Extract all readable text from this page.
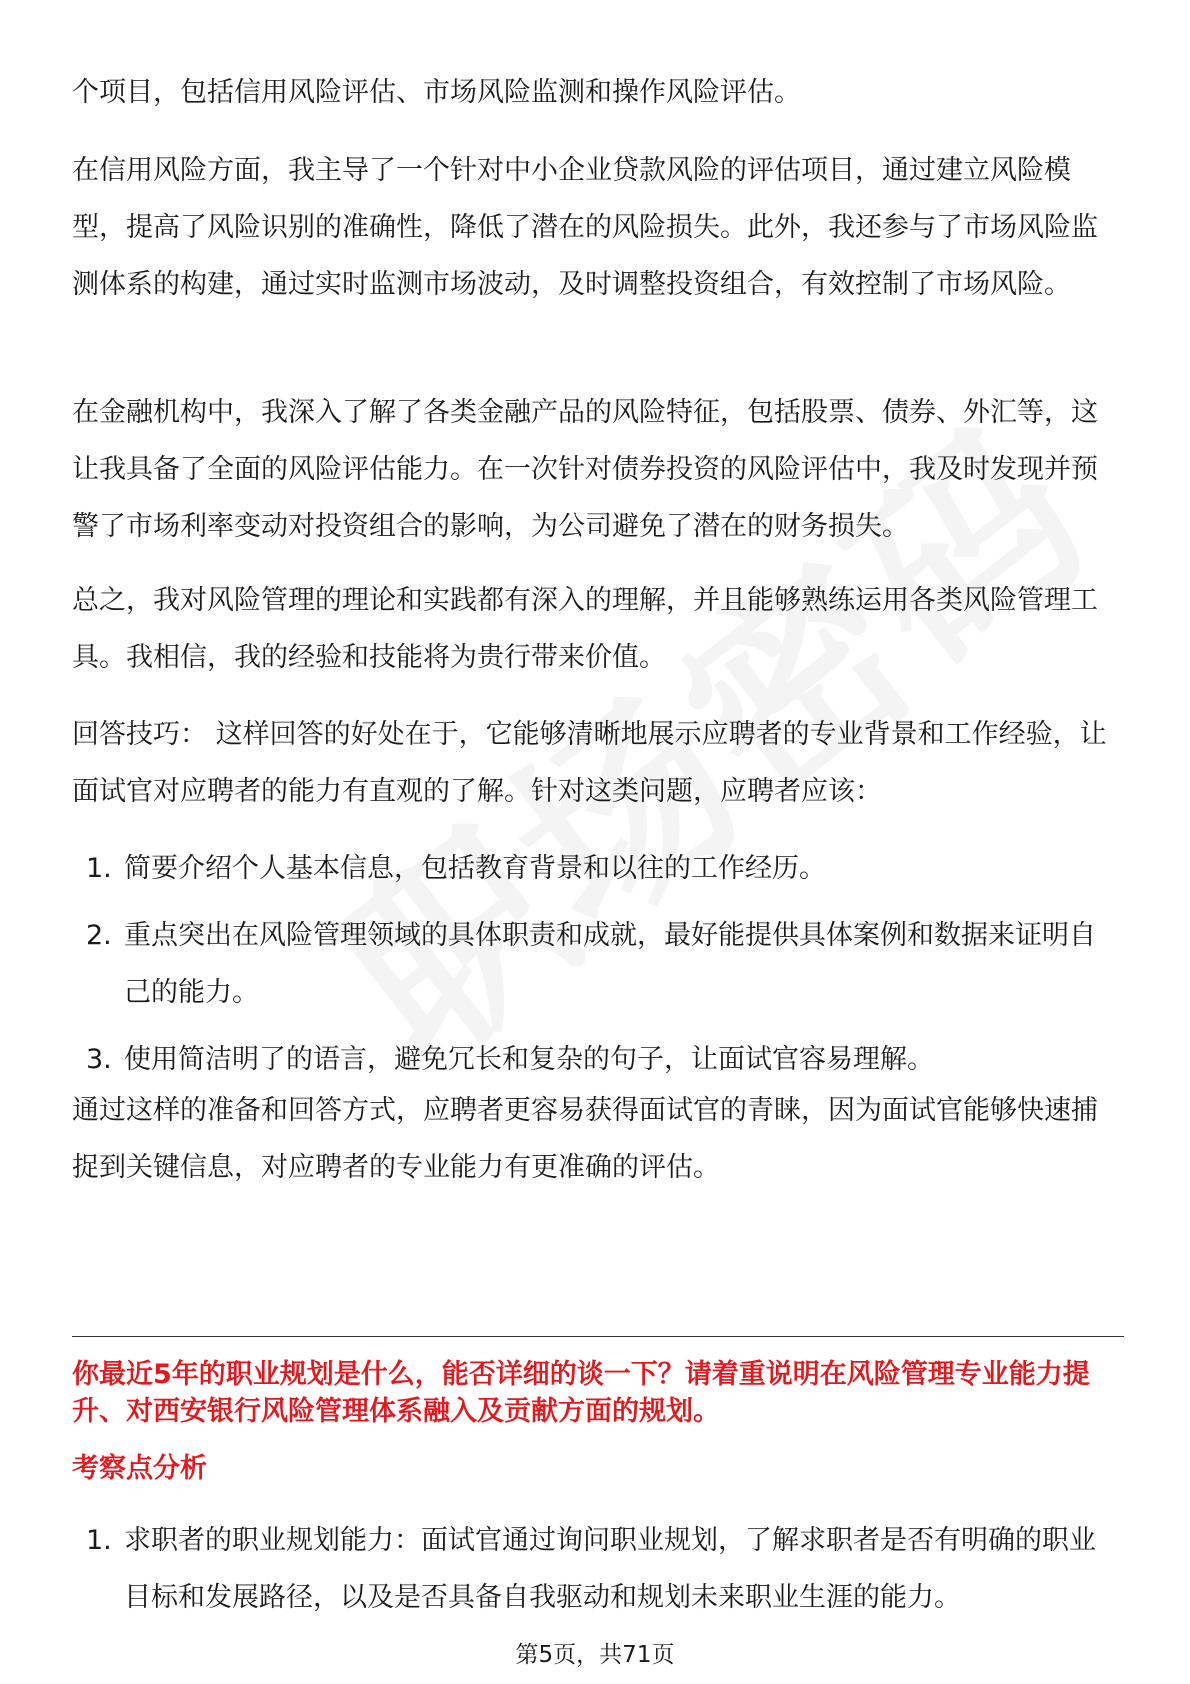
个项目，包括信用风险评估、市场风险监测和操作风险评估。

在信用风险方面，我主导了一个针对中小企业贷款风险的评估项目，通过建立风险模型，提高了风险识别的准确性，降低了潜在的风险损失。此外，我还参与了市场风险监测体系的构建，通过实时监测市场波动，及时调整投资组合，有效控制了市场风险。

在金融机构中，我深入了解了各类金融产品的风险特征，包括股票、债券、外汇等，这让我具备了全面的风险评估能力。在一次针对债券投资的风险评估中，我及时发现并预警了市场利率变动对投资组合的影响，为公司避免了潜在的财务损失。

总之，我对风险管理的理论和实践都有深入的理解，并且能够熟练运用各类风险管理工具。我相信，我的经验和技能将为贵行带来价值。

回答技巧： 这样回答的好处在于，它能够清晰地展示应聘者的专业背景和工作经验，让面试官对应聘者的能力有直观的了解。针对这类问题，应聘者应该：

1. 简要介绍个人基本信息，包括教育背景和以往的工作经历。
2. 重点突出在风险管理领域的具体职责和成就，最好能提供具体案例和数据来证明自己的能力。
3. 使用简洁明了的语言，避免冗长和复杂的句子，让面试官容易理解。

通过这样的准备和回答方式，应聘者更容易获得面试官的青睐，因为面试官能够快速捕捉到关键信息，对应聘者的专业能力有更准确的评估。

你最近5年的职业规划是什么，能否详细的谈一下？请着重说明在风险管理专业能力提升、对西安银行风险管理体系融入及贡献方面的规划。

考察点分析

1. 求职者的职业规划能力：面试官通过询问职业规划，了解求职者是否有明确的职业目标和发展路径，以及是否具备自我驱动和规划未来职业生涯的能力。
第5页，共71页
